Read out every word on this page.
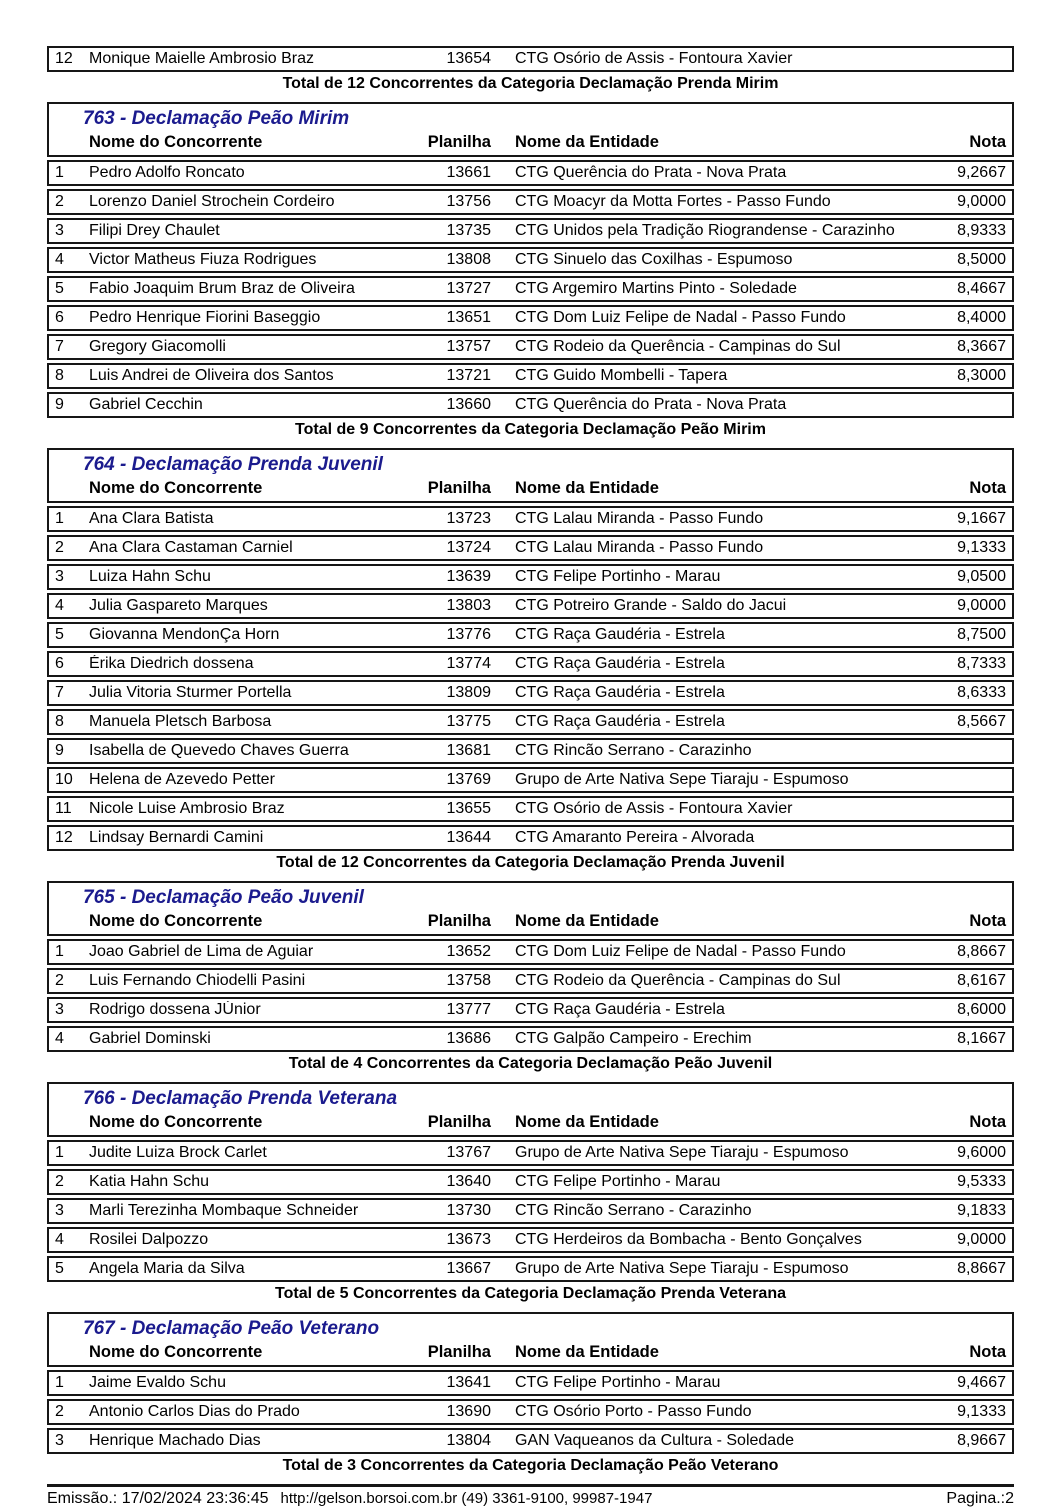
12	Monique Maielle Ambrosio Braz	13654 CTG Osório de Assis - Fontoura Xavier
Total de 12 Concorrentes da Categoria Declamação Prenda Mirim
763 - Declamação Peão Mirim
Nome do Concorrente	Planilha Nome da Entidade	Nota
1	Pedro Adolfo Roncato	13661 CTG Querência do Prata - Nova Prata	9,2667
2	Lorenzo Daniel Strochein Cordeiro	13756 CTG Moacyr da Motta Fortes - Passo Fundo	9,0000
3	Filipi Drey Chaulet	13735 CTG Unidos pela Tradição Riograndense - Carazinho	8,9333
4	Victor Matheus Fiuza Rodrigues	13808 CTG Sinuelo das Coxilhas - Espumoso	8,5000
5	Fabio Joaquim Brum Braz de Oliveira	13727 CTG Argemiro Martins Pinto - Soledade	8,4667
6	Pedro Henrique Fiorini Baseggio	13651 CTG Dom Luiz Felipe de Nadal - Passo Fundo	8,4000
7	Gregory Giacomolli	13757 CTG Rodeio da Querência - Campinas do Sul	8,3667
8	Luis Andrei de Oliveira dos Santos	13721 CTG Guido Mombelli - Tapera	8,3000
9	Gabriel Cecchin	13660 CTG Querência do Prata - Nova Prata
Total de 9 Concorrentes da Categoria Declamação Peão Mirim
764 - Declamação Prenda Juvenil
Nome do Concorrente	Planilha Nome da Entidade	Nota
1	Ana Clara Batista	13723 CTG Lalau Miranda - Passo Fundo	9,1667
2	Ana Clara Castaman Carniel	13724 CTG Lalau Miranda - Passo Fundo	9,1333
3	Luiza Hahn Schu	13639 CTG Felipe Portinho - Marau	9,0500
4	Julia Gaspareto Marques	13803 CTG Potreiro Grande - Saldo do Jacui	9,0000
5	Giovanna MendonÇa Horn	13776 CTG Raça Gaudéria - Estrela	8,7500
6	Érika Diedrich dossena	13774 CTG Raça Gaudéria - Estrela	8,7333
7	Julia Vitoria Sturmer Portella	13809 CTG Raça Gaudéria - Estrela	8,6333
8	Manuela Pletsch Barbosa	13775 CTG Raça Gaudéria - Estrela	8,5667
9	Isabella de Quevedo Chaves Guerra	13681 CTG Rincão Serrano - Carazinho
10	Helena de Azevedo Petter	13769 Grupo de Arte Nativa Sepe Tiaraju - Espumoso
11	Nicole Luise Ambrosio Braz	13655 CTG Osório de Assis - Fontoura Xavier
12	Lindsay Bernardi Camini	13644 CTG Amaranto Pereira - Alvorada
Total de 12 Concorrentes da Categoria Declamação Prenda Juvenil
765 - Declamação Peão Juvenil
Nome do Concorrente	Planilha Nome da Entidade	Nota
1	Joao Gabriel de Lima de Aguiar	13652 CTG Dom Luiz Felipe de Nadal - Passo Fundo	8,8667
2	Luis Fernando Chiodelli Pasini	13758 CTG Rodeio da Querência - Campinas do Sul	8,6167
3	Rodrigo dossena JÚnior	13777 CTG Raça Gaudéria - Estrela	8,6000
4	Gabriel Dominski	13686 CTG Galpão Campeiro - Erechim	8,1667
Total de 4 Concorrentes da Categoria Declamação Peão Juvenil
766 - Declamação Prenda Veterana
Nome do Concorrente	Planilha Nome da Entidade	Nota
1	Judite Luiza Brock Carlet	13767 Grupo de Arte Nativa Sepe Tiaraju - Espumoso	9,6000
2	Katia Hahn Schu	13640 CTG Felipe Portinho - Marau	9,5333
3	Marli Terezinha Mombaque Schneider	13730 CTG Rincão Serrano - Carazinho	9,1833
4	Rosilei Dalpozzo	13673 CTG Herdeiros da Bombacha - Bento Gonçalves	9,0000
5	Angela Maria da Silva	13667 Grupo de Arte Nativa Sepe Tiaraju - Espumoso	8,8667
Total de 5 Concorrentes da Categoria Declamação Prenda Veterana
767 - Declamação Peão Veterano
Nome do Concorrente	Planilha Nome da Entidade	Nota
1	Jaime Evaldo Schu	13641 CTG Felipe Portinho - Marau	9,4667
2	Antonio Carlos Dias do Prado	13690 CTG Osório Porto - Passo Fundo	9,1333
3	Henrique Machado Dias	13804 GAN Vaqueanos da Cultura - Soledade	8,9667
Total de 3 Concorrentes da Categoria Declamação Peão Veterano
Emissão.: 17/02/2024 23:36:45 http://gelson.borsoi.com.br (49) 3361-9100, 99987-1947	Pagina.:2
